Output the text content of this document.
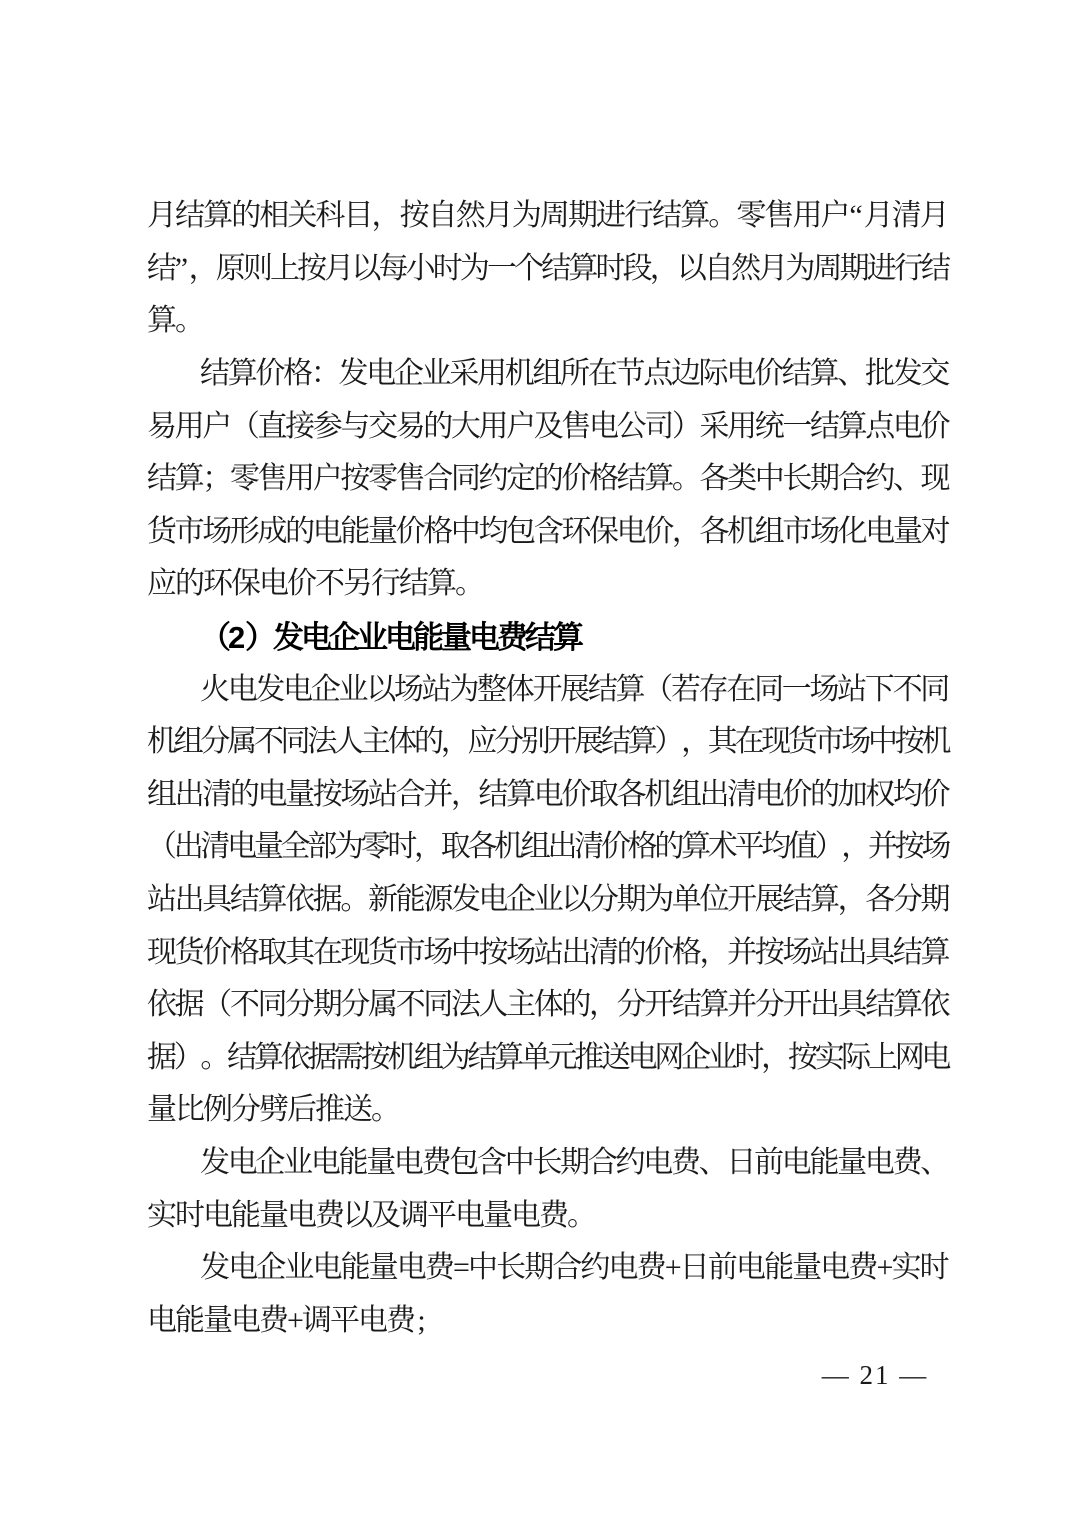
月
结
算
的
相
关
科
目
，
按
自
然
月
为
周
期
进
行
结
算
。
零
售
用
户
“ 月
清
月
结
” ，
原
则
上
按
月
以
每
小
时
为
一
个
结
算
时
段
，
以
自
然
月
为
周
期
进
行
结
算
。
结
算
价
格
：
发
电
企
业
采
用
机
组
所
在
节
点
边
际
电
价
结
算
、
批
发
交
易
用
户
（
直
接
参
与
交
易
的
大
用
户
及
售
电
公
司
）
采
用
统
一
结
算
点
电
价
结
算
；
零
售
用
户
按
零
售
合
同
约
定
的
价
格
结
算
。
各
类
中
长
期
合
约
、
现
货
市
场
形
成
的
电
能
量
价
格
中
均
包
含
环
保
电
价
，
各
机
组
市
场
化
电
量
对
应
的
环
保
电
价
不
另
行
结
算
。
（
2 ）
发
电
企
业
电
能
量
电
费
结
算
火
电
发
电
企
业
以
场
站
为
整
体
开
展
结
算
（
若
存
在
同
一
场
站
下
不
同
机
组
分
属
不
同
法
人
主
体
的
，
应
分
别
开
展
结
算
）
，
其
在
现
货
市
场
中
按
机
组
出
清
的
电
量
按
场
站
合
并
，
结
算
电
价
取
各
机
组
出
清
电
价
的
加
权
均
价
（
出
清
电
量
全
部
为
零
时
，
取
各
机
组
出
清
价
格
的
算
术
平
均
值
）
，
并
按
场
站
出
具
结
算
依
据
。
新
能
源
发
电
企
业
以
分
期
为
单
位
开
展
结
算
，
各
分
期
现
货
价
格
取
其
在
现
货
市
场
中
按
场
站
出
清
的
价
格
，
并
按
场
站
出
具
结
算
依
据
（
不
同
分
期
分
属
不
同
法
人
主
体
的
，
分
开
结
算
并
分
开
出
具
结
算
依
据
）
。
结
算
依
据
需
按
机
组
为
结
算
单
元
推
送
电
网
企
业
时
，
按
实
际
上
网
电
量
比
例
分
劈
后
推
送
。
发
电
企
业
电
能
量
电
费
包
含
中
长
期
合
约
电
费
、
日
前
电
能
量
电
费
、
实
时
电
能
量
电
费
以
及
调
平
电
量
电
费
。
发
电
企
业
电
能
量
电
费
=
中
长
期
合
约
电
费
+
日
前
电
能
量
电
费
+
实
时
电
能
量
电
费
+
调
平
电
费 ;
— 21 —
